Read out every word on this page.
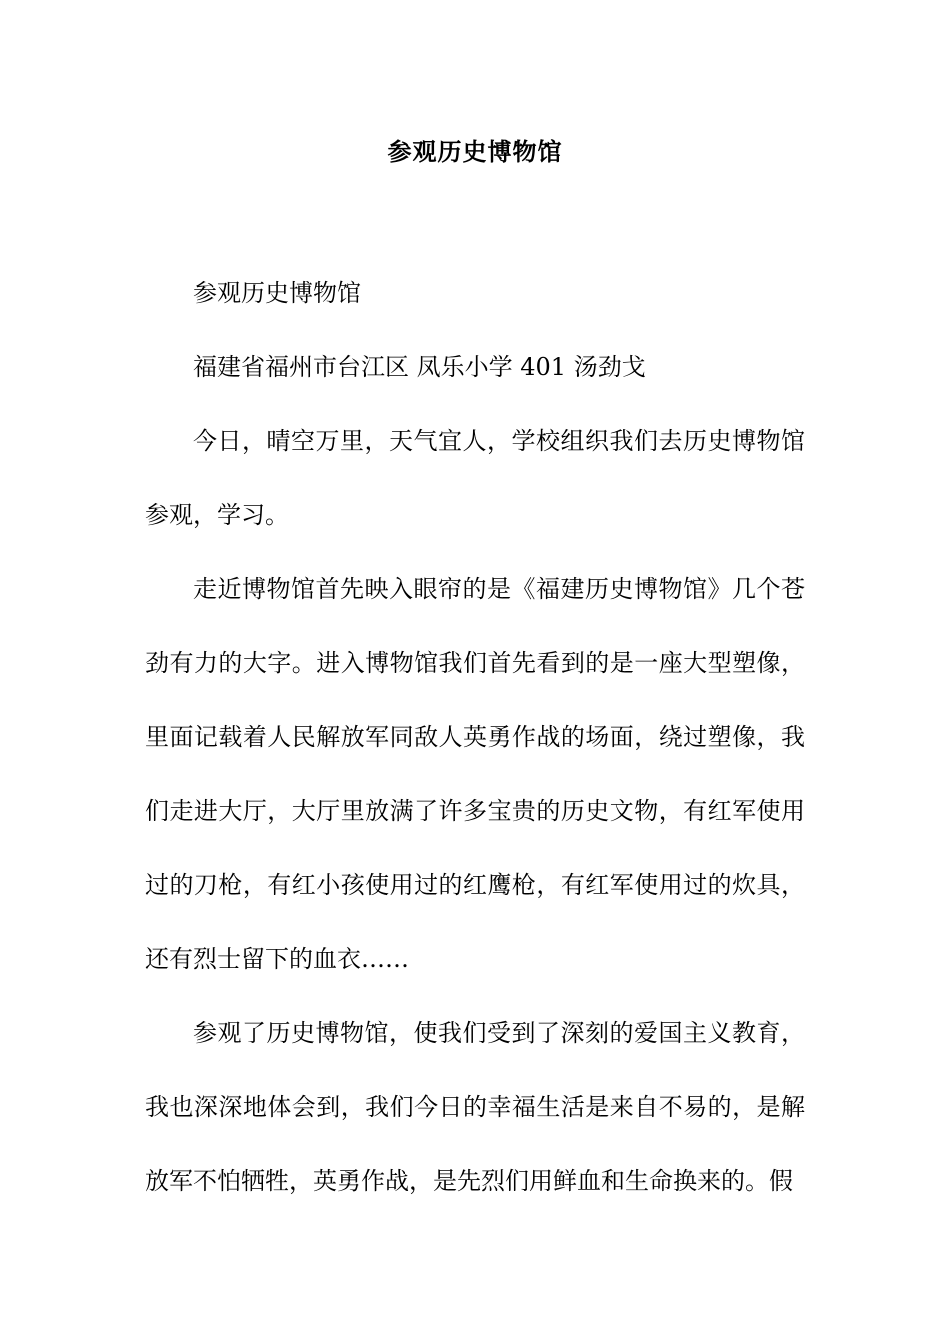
参观历史博物馆

参观历史博物馆

福建省福州市台江区 凤乐小学 401 汤劲戈

今日，晴空万里，天气宜人，学校组织我们去历史博物馆参观，学习。

走近博物馆首先映入眼帘的是《福建历史博物馆》几个苍劲有力的大字。进入博物馆我们首先看到的是一座大型塑像，里面记载着人民解放军同敌人英勇作战的场面，绕过塑像，我们走进大厅，大厅里放满了许多宝贵的历史文物，有红军使用过的刀枪，有红小孩使用过的红鹰枪，有红军使用过的炊具，还有烈士留下的血衣……

参观了历史博物馆，使我们受到了深刻的爱国主义教育，我也深深地体会到，我们今日的幸福生活是来自不易的，是解放军不怕牺牲，英勇作战，是先烈们用鲜血和生命换来的。假
